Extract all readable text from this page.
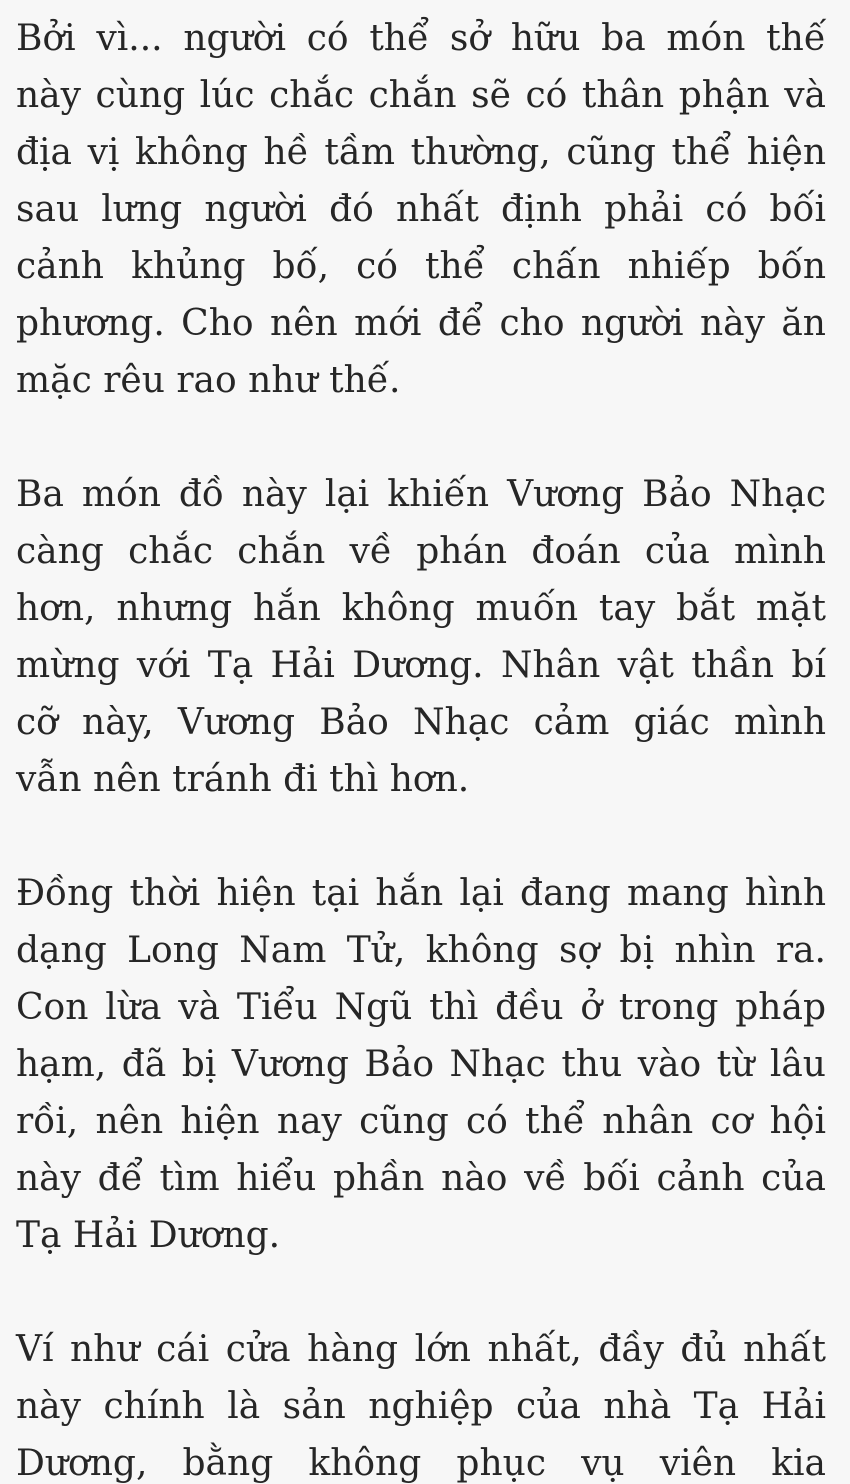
Bởi vì... người có thể sở hữu ba món thế
này cùng lúc chắc chắn sẽ có thân phận và
địa vị không hề tầm thường, cũng thể hiện
sau lưng người đó nhất định phải có bối
cảnh khủng bố, có thể chấn nhiếp bốn
phương. Cho nên mới để cho người này ăn
mặc rêu rao như thế.

Ba món đồ này lại khiến Vương Bảo Nhạc
càng chắc chắn về phán đoán của mình
hơn, nhưng hắn không muốn tay bắt mặt
mừng với Tạ Hải Dương. Nhân vật thần bí
cỡ này, Vương Bảo Nhạc cảm giác mình
vẫn nên tránh đi thì hơn.

Đồng thời hiện tại hắn lại đang mang hình
dạng Long Nam Tử, không sợ bị nhìn ra.
Con lừa và Tiểu Ngũ thì đều ở trong pháp
hạm, đã bị Vương Bảo Nhạc thu vào từ lâu
rồi, nên hiện nay cũng có thể nhân cơ hội
này để tìm hiểu phần nào về bối cảnh của
Tạ Hải Dương.

Ví như cái cửa hàng lớn nhất, đầy đủ nhất
này chính là sản nghiệp của nhà Tạ Hải
Dương, bằng không phục vụ viên kia
